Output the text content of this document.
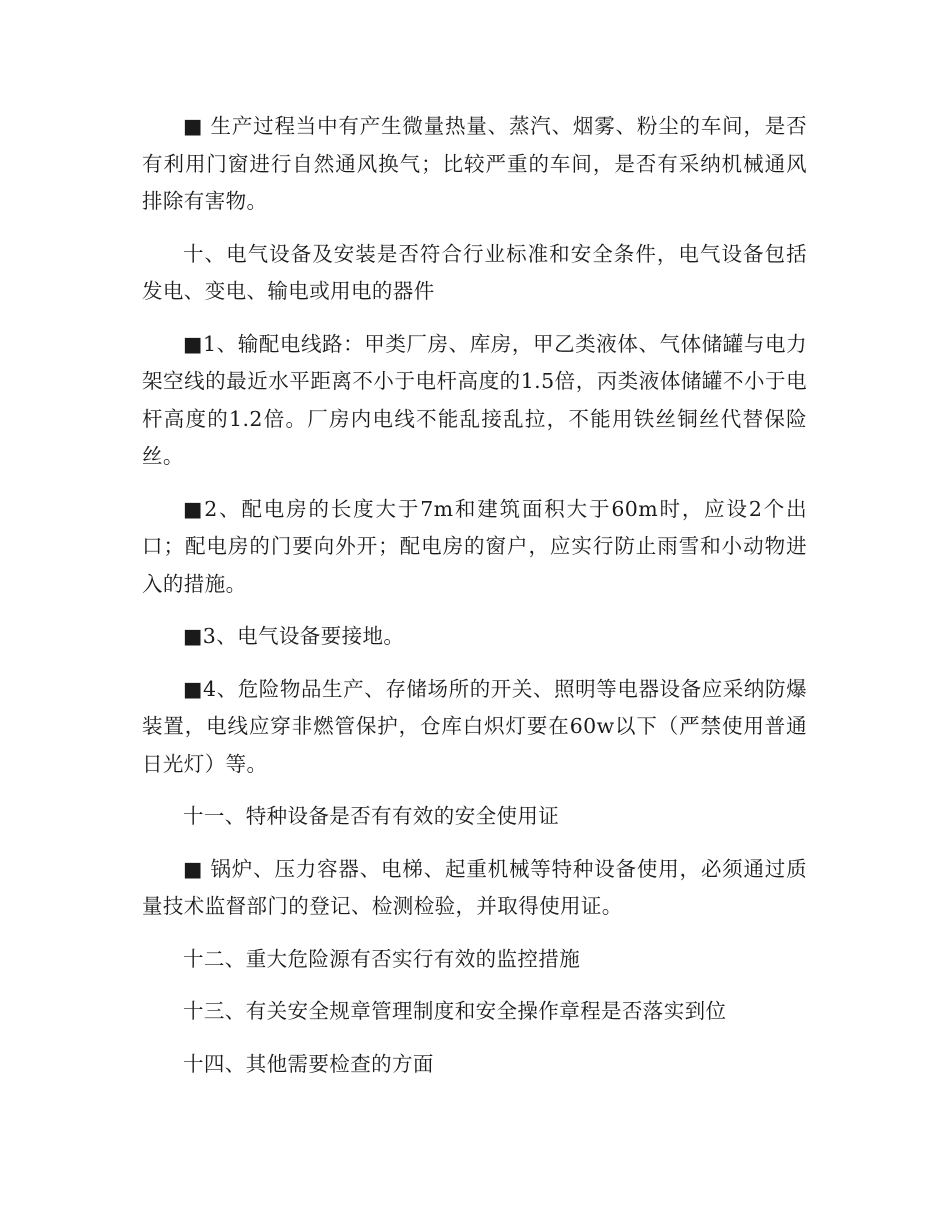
■ 生产过程当中有产生微量热量、蒸汽、烟雾、粉尘的车间，是否有利用门窗进行自然通风换气；比较严重的车间，是否有采纳机械通风排除有害物。

十、电气设备及安装是否符合行业标准和安全条件，电气设备包括发电、变电、输电或用电的器件

■1、输配电线路：甲类厂房、库房，甲乙类液体、气体储罐与电力架空线的最近水平距离不小于电杆高度的1.5倍，丙类液体储罐不小于电杆高度的1.2倍。厂房内电线不能乱接乱拉，不能用铁丝铜丝代替保险丝。

■2、配电房的长度大于7m和建筑面积大于60m时，应设2个出口；配电房的门要向外开；配电房的窗户，应实行防止雨雪和小动物进入的措施。

■3、电气设备要接地。

■4、危险物品生产、存储场所的开关、照明等电器设备应采纳防爆装置，电线应穿非燃管保护，仓库白炽灯要在60w以下（严禁使用普通日光灯）等。

十一、特种设备是否有有效的安全使用证

■ 锅炉、压力容器、电梯、起重机械等特种设备使用，必须通过质量技术监督部门的登记、检测检验，并取得使用证。

十二、重大危险源有否实行有效的监控措施

十三、有关安全规章管理制度和安全操作章程是否落实到位

十四、其他需要检查的方面
